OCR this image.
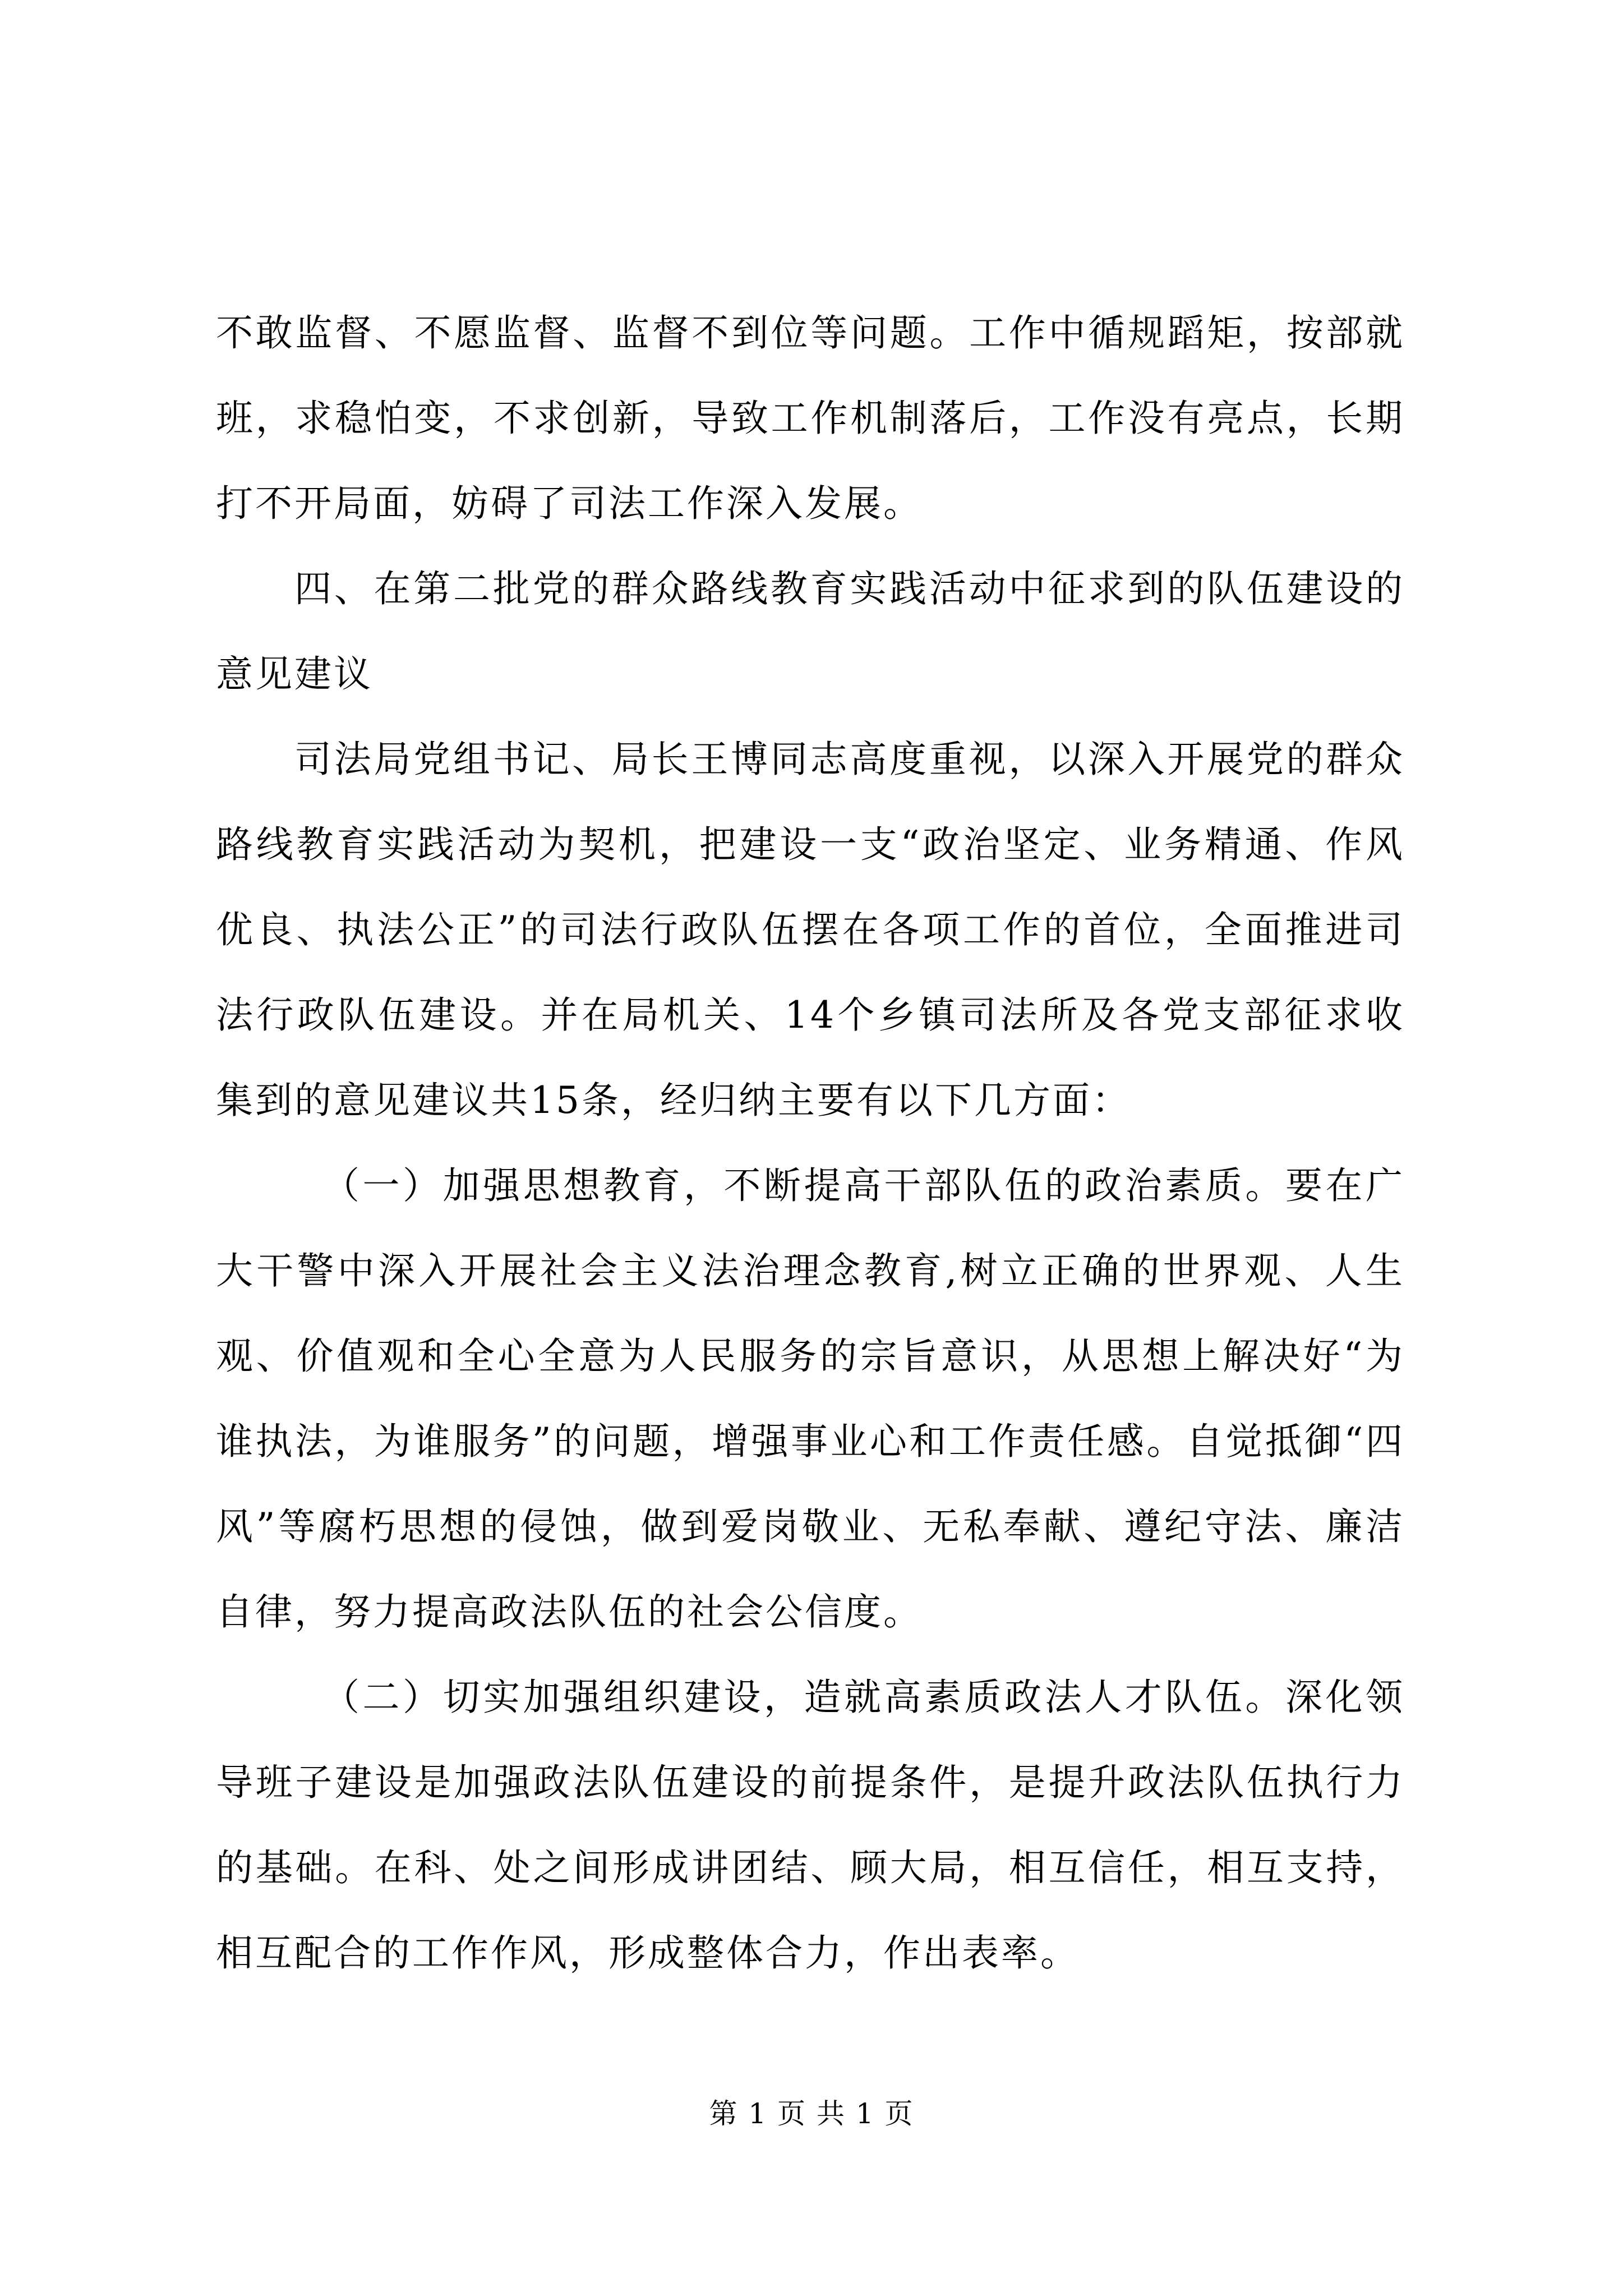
不敢监督、不愿监督、监督不到位等问题。工作中循规蹈矩，按部就班，求稳怕变，不求创新，导致工作机制落后，工作没有亮点，长期打不开局面，妨碍了司法工作深入发展。

四、在第二批党的群众路线教育实践活动中征求到的队伍建设的意见建议

司法局党组书记、局长王博同志高度重视，以深入开展党的群众路线教育实践活动为契机，把建设一支“政治坚定、业务精通、作风优良、执法公正”的司法行政队伍摆在各项工作的首位，全面推进司法行政队伍建设。并在局机关、14个乡镇司法所及各党支部征求收集到的意见建议共15条，经归纳主要有以下几方面：

（一）加强思想教育，不断提高干部队伍的政治素质。要在广大干警中深入开展社会主义法治理念教育,树立正确的世界观、人生观、价值观和全心全意为人民服务的宗旨意识，从思想上解决好“为谁执法，为谁服务”的问题，增强事业心和工作责任感。自觉抵御“四风”等腐朽思想的侵蚀，做到爱岗敬业、无私奉献、遵纪守法、廉洁自律，努力提高政法队伍的社会公信度。

（二）切实加强组织建设，造就高素质政法人才队伍。深化领导班子建设是加强政法队伍建设的前提条件，是提升政法队伍执行力的基础。在科、处之间形成讲团结、顾大局，相互信任，相互支持，相互配合的工作作风，形成整体合力，作出表率。

第 1 页 共 1 页
